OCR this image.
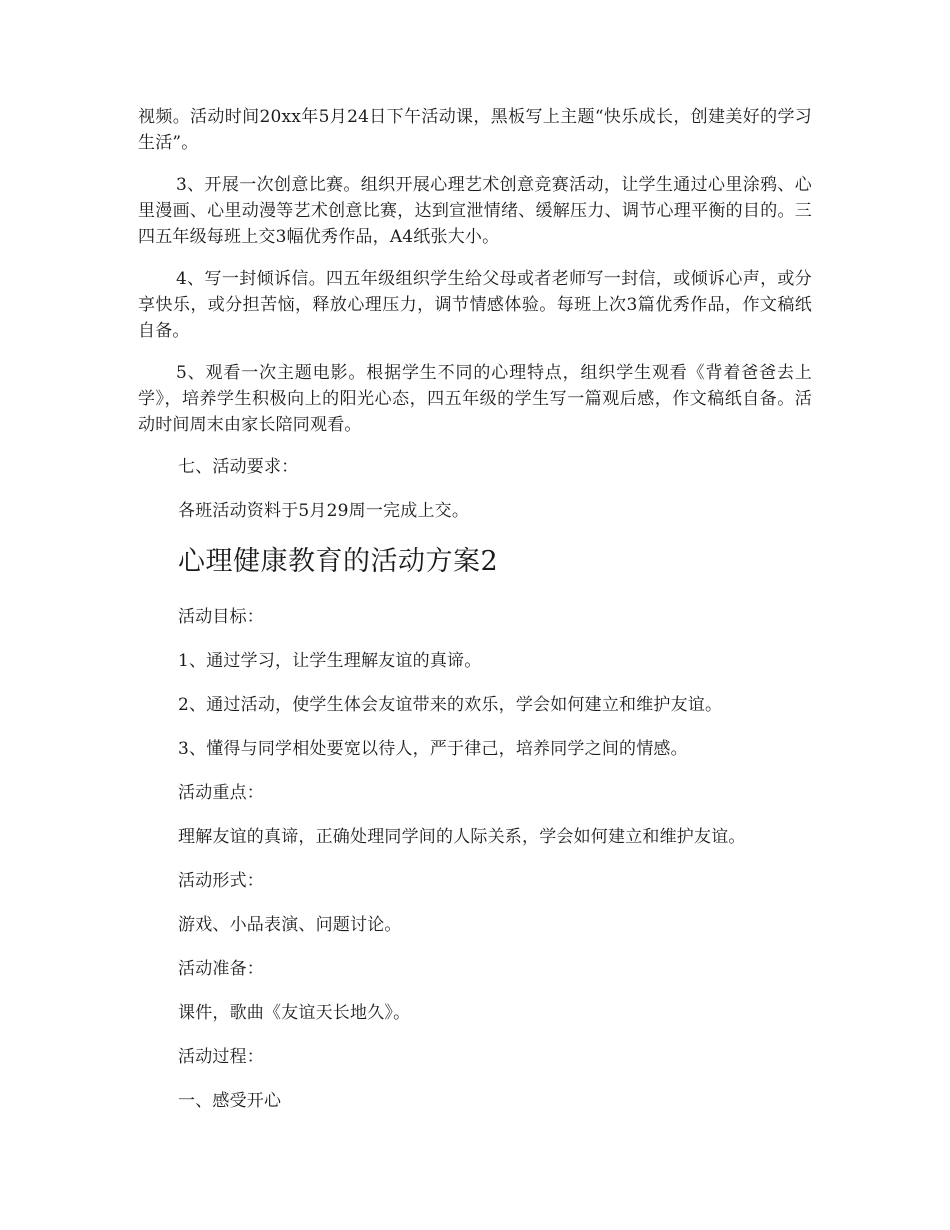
视频。活动时间20xx年5月24日下午活动课，黑板写上主题“快乐成长，创建美好的学习生活”。

3、开展一次创意比赛。组织开展心理艺术创意竞赛活动，让学生通过心里涂鸦、心里漫画、心里动漫等艺术创意比赛，达到宣泄情绪、缓解压力、调节心理平衡的目的。三四五年级每班上交3幅优秀作品，A4纸张大小。

4、写一封倾诉信。四五年级组织学生给父母或者老师写一封信，或倾诉心声，或分享快乐，或分担苦恼，释放心理压力，调节情感体验。每班上次3篇优秀作品，作文稿纸自备。

5、观看一次主题电影。根据学生不同的心理特点，组织学生观看《背着爸爸去上学》，培养学生积极向上的阳光心态，四五年级的学生写一篇观后感，作文稿纸自备。活动时间周末由家长陪同观看。

七、活动要求：

各班活动资料于5月29周一完成上交。

心理健康教育的活动方案2

活动目标：

1、通过学习，让学生理解友谊的真谛。

2、通过活动，使学生体会友谊带来的欢乐，学会如何建立和维护友谊。

3、懂得与同学相处要宽以待人，严于律己，培养同学之间的情感。

活动重点：

理解友谊的真谛，正确处理同学间的人际关系，学会如何建立和维护友谊。

活动形式：

游戏、小品表演、问题讨论。

活动准备：

课件，歌曲《友谊天长地久》。

活动过程：

一、感受开心
